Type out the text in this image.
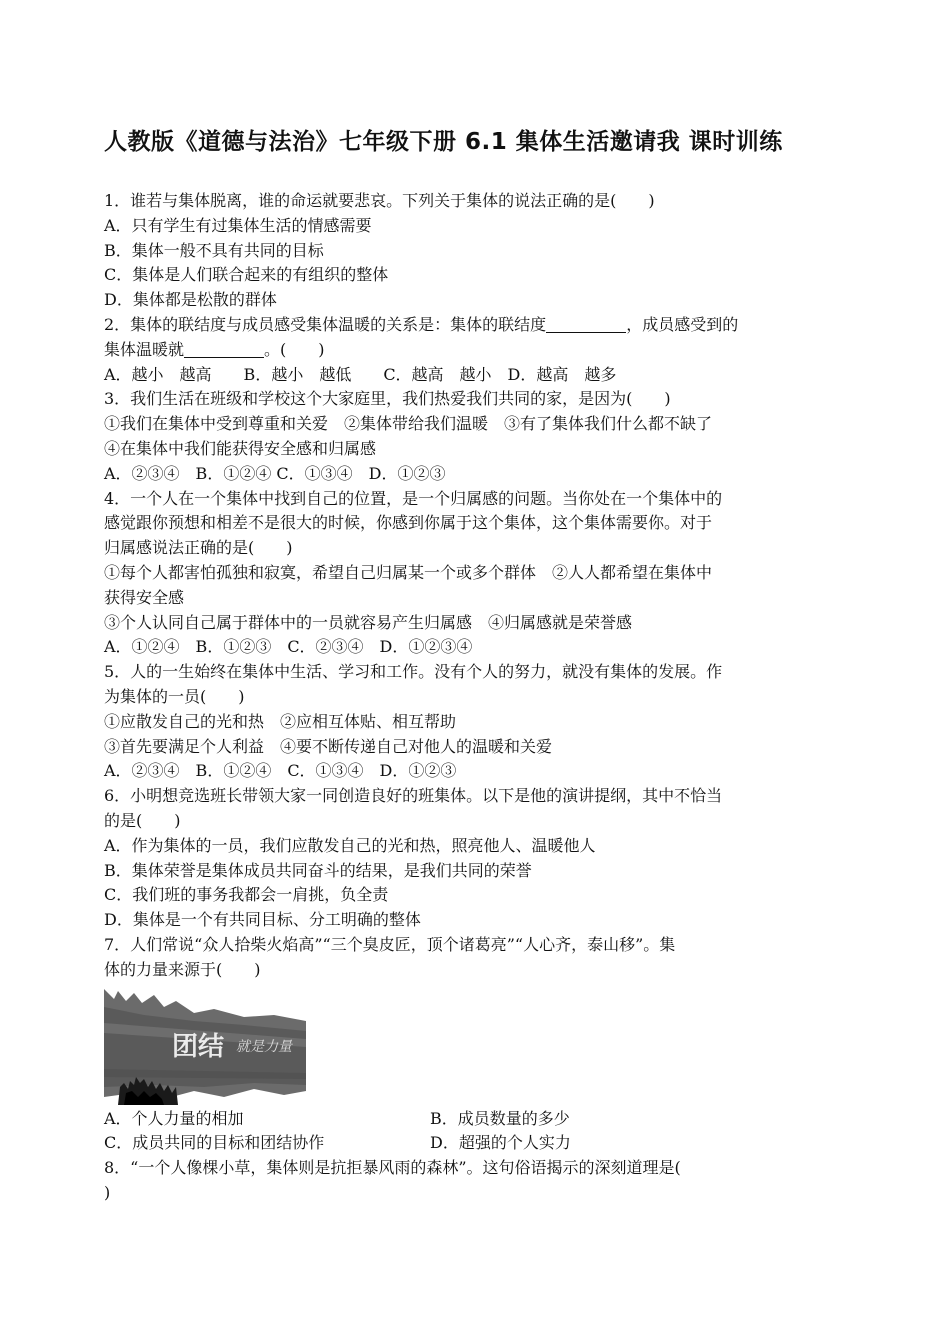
人教版《道德与法治》七年级下册 6.1 集体生活邀请我 课时训练
1．谁若与集体脱离，谁的命运就要悲哀。下列关于集体的说法正确的是(　　)
A．只有学生有过集体生活的情感需要
B．集体一般不具有共同的目标
C．集体是人们联合起来的有组织的整体
D．集体都是松散的群体
2．集体的联结度与成员感受集体温暖的关系是：集体的联结度	，成员感受到的
集体温暖就	。(　　)
A．越小　越高　　B．越小　越低　　C．越高　越小　D．越高　越多
3．我们生活在班级和学校这个大家庭里，我们热爱我们共同的家，是因为(　　)
①我们在集体中受到尊重和关爱　②集体带给我们温暖　③有了集体我们什么都不缺了
④在集体中我们能获得安全感和归属感
A．②③④　B．①②④ C．①③④　D．①②③
4．一个人在一个集体中找到自己的位置，是一个归属感的问题。当你处在一个集体中的
感觉跟你预想和相差不是很大的时候，你感到你属于这个集体，这个集体需要你。对于
归属感说法正确的是(　　)
①每个人都害怕孤独和寂寞，希望自己归属某一个或多个群体　②人人都希望在集体中
获得安全感
③个人认同自己属于群体中的一员就容易产生归属感　④归属感就是荣誉感
A．①②④　B．①②③　C．②③④　D．①②③④
5．人的一生始终在集体中生活、学习和工作。没有个人的努力，就没有集体的发展。作
为集体的一员(　　)
①应散发自己的光和热　②应相互体贴、相互帮助
③首先要满足个人利益　④要不断传递自己对他人的温暖和关爱
A．②③④　B．①②④　C．①③④　D．①②③
6．小明想竞选班长带领大家一同创造良好的班集体。以下是他的演讲提纲，其中不恰当
的是(　　)
A．作为集体的一员，我们应散发自己的光和热，照亮他人、温暖他人
B．集体荣誉是集体成员共同奋斗的结果，是我们共同的荣誉
C．我们班的事务我都会一肩挑，负全责
D．集体是一个有共同目标、分工明确的整体
7．人们常说“众人拾柴火焰高”“三个臭皮匠，顶个诸葛亮”“人心齐，泰山移”。集
体的力量来源于(　　)
团结 就是力量
A．个人力量的相加	B．成员数量的多少
C．成员共同的目标和团结协作	D．超强的个人实力
8．“一个人像棵小草，集体则是抗拒暴风雨的森林”。这句俗语揭示的深刻道理是(
)
